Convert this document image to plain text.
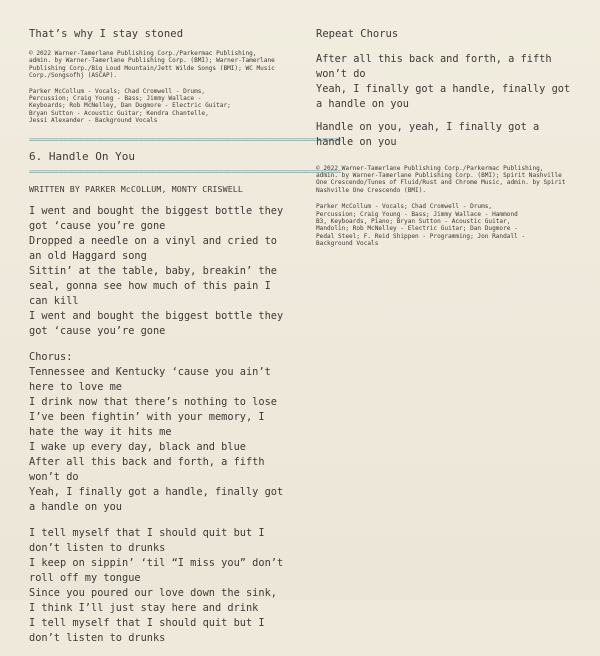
That’s why I stay stoned

© 2022 Warner-Tamerlane Publishing Corp./Parkermac Publishing,
admin. by Warner-Tamerlane Publishing Corp. (BMI); Warner-Tamerlane
Publishing Corp./Big Loud Mountain/Jett Wilde Songs (BMI); WC Music
Corp./Songsofhj (ASCAP).

Parker McCollum - Vocals; Chad Cromwell - Drums,
Percussion; Craig Young - Bass; Jimmy Wallace -
Keyboards; Rob McNelley, Dan Dugmore - Electric Guitar;
Bryan Sutton - Acoustic Guitar; Kendra Chantelle,
Jessi Alexander - Background Vocals

==========================================================================
6. Handle On You
==========================================================================
WRITTEN BY PARKER McCOLLUM, MONTY CRISWELL
I went and bought the biggest bottle they
got ‘cause you’re gone
Dropped a needle on a vinyl and cried to
an old Haggard song
Sittin’ at the table, baby, breakin’ the
seal, gonna see how much of this pain I
can kill
I went and bought the biggest bottle they
got ‘cause you’re gone
Chorus:
Tennessee and Kentucky ‘cause you ain’t
here to love me
I drink now that there’s nothing to lose
I’ve been fightin’ with your memory, I
hate the way it hits me
I wake up every day, black and blue
After all this back and forth, a fifth
won’t do
Yeah, I finally got a handle, finally got
a handle on you
I tell myself that I should quit but I
don’t listen to drunks
I keep on sippin’ ‘til “I miss you” don’t
roll off my tongue
Since you poured our love down the sink,
I think I’ll just stay here and drink
I tell myself that I should quit but I
don’t listen to drunks
Repeat Chorus
After all this back and forth, a fifth
won’t do
Yeah, I finally got a handle, finally got
a handle on you
Handle on you, yeah, I finally got a
handle on you

© 2022 Warner-Tamerlane Publishing Corp./Parkermac Publishing,
admin. by Warner-Tamerlane Publishing Corp. (BMI); Spirit Nashville
One Crescendo/Tunes of Fluid/Rust and Chrome Music, admin. by Spirit
Nashville One Crescendo (BMI).

Parker McCollum - Vocals; Chad Cromwell - Drums,
Percussion; Craig Young - Bass; Jimmy Wallace - Hammond
B3, Keyboards, Piano; Bryan Sutton - Acoustic Guitar,
Mandolin; Rob McNelley - Electric Guitar; Dan Dugmore -
Pedal Steel; F. Reid Shippen - Programming; Jon Randall -
Background Vocals
